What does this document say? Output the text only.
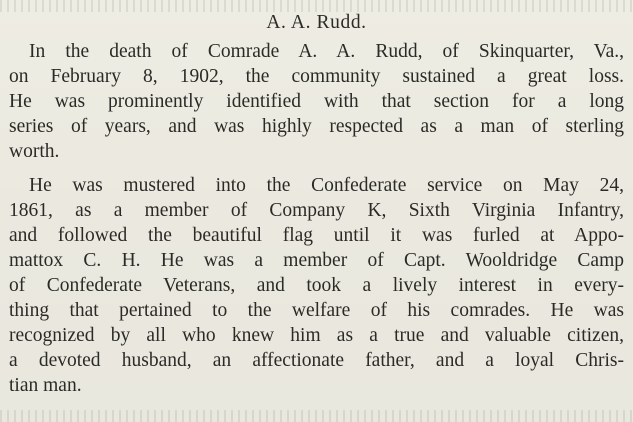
A. A. Rudd.
In the death of Comrade A. A. Rudd, of Skinquarter, Va.,
on February 8, 1902, the community sustained a great loss.
He was prominently identified with that section for a long
series of years, and was highly respected as a man of sterling
worth.
He was mustered into the Confederate service on May 24,
1861, as a member of Company K, Sixth Virginia Infantry,
and followed the beautiful flag until it was furled at Appo-
mattox C. H. He was a member of Capt. Wooldridge Camp
of Confederate Veterans, and took a lively interest in every-
thing that pertained to the welfare of his comrades. He was
recognized by all who knew him as a true and valuable citizen,
a devoted husband, an affectionate father, and a loyal Chris-
tian man.
